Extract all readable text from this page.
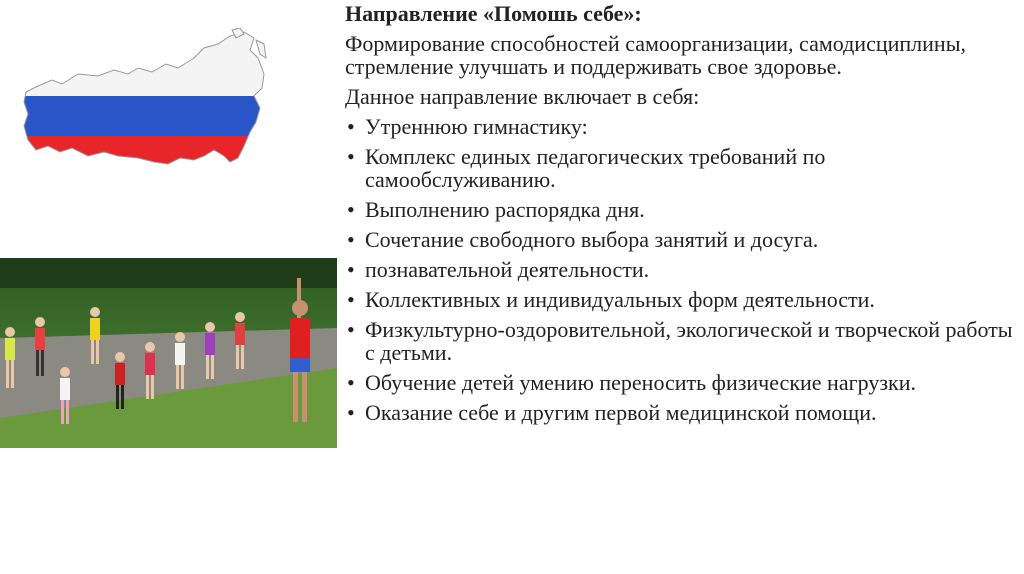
Направление «Помошь себе»:
Формирование способностей самоорганизации, самодисциплины, стремление улучшать и поддерживать свое здоровье.
Данное направление включает в себя:
• Утреннюю гимнастику:
• Комплекс единых педагогических требований по самообслуживанию.
• Выполнению распорядка дня.
• Сочетание свободного выбора занятий и досуга.
• познавательной деятельности.
• Коллективных и индивидуальных форм деятельности.
• Физкультурно-оздоровительной, экологической и творческой работы с детьми.
• Обучение детей умению переносить физические нагрузки.
• Оказание себе и другим первой медицинской помощи.
